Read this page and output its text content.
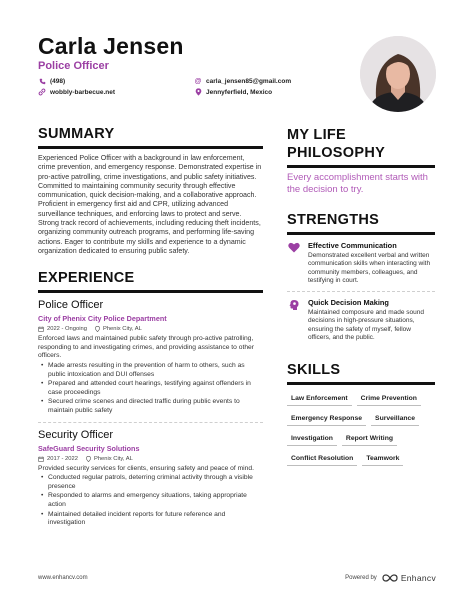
Carla Jensen
Police Officer
(498)	@ carla_jensen85@gmail.com
wobbly-barbecue.net	Jennyferfield, Mexico
SUMMARY
Experienced Police Officer with a background in law enforcement, crime prevention, and emergency response. Demonstrated expertise in pro-active patrolling, crime investigations, and public safety initiatives. Committed to maintaining community security through effective communication, quick decision-making, and a collaborative approach. Proficient in emergency first aid and CPR, utilizing advanced surveillance techniques, and enforcing laws to protect and serve. Strong track record of achievements, including reducing theft incidents, organizing community outreach programs, and performing life-saving actions. Eager to contribute my skills and experience to a dynamic organization dedicated to ensuring public safety.
EXPERIENCE
Police Officer
City of Phenix City Police Department
2022 - Ongoing	Phenix City, AL
Enforced laws and maintained public safety through pro-active patrolling, responding to and investigating crimes, and providing assistance to other officers.
• Made arrests resulting in the prevention of harm to others, such as public intoxication and DUI offenses
• Prepared and attended court hearings, testifying against offenders in case proceedings
• Secured crime scenes and directed traffic during public events to maintain public safety
Security Officer
SafeGuard Security Solutions
2017 - 2022	Phenix City, AL
Provided security services for clients, ensuring safety and peace of mind.
• Conducted regular patrols, deterring criminal activity through a visible presence
• Responded to alarms and emergency situations, taking appropriate action
• Maintained detailed incident reports for future reference and investigation
MY LIFE PHILOSOPHY
Every accomplishment starts with the decision to try.
STRENGTHS
Effective Communication
Demonstrated excellent verbal and written communication skills when interacting with community members, colleagues, and testifying in court.
Quick Decision Making
Maintained composure and made sound decisions in high-pressure situations, ensuring the safety of myself, fellow officers, and the public.
SKILLS
Law Enforcement	Crime Prevention
Emergency Response	Surveillance
Investigation	Report Writing
Conflict Resolution	Teamwork
www.enhancv.com	Powered by	Enhancv
